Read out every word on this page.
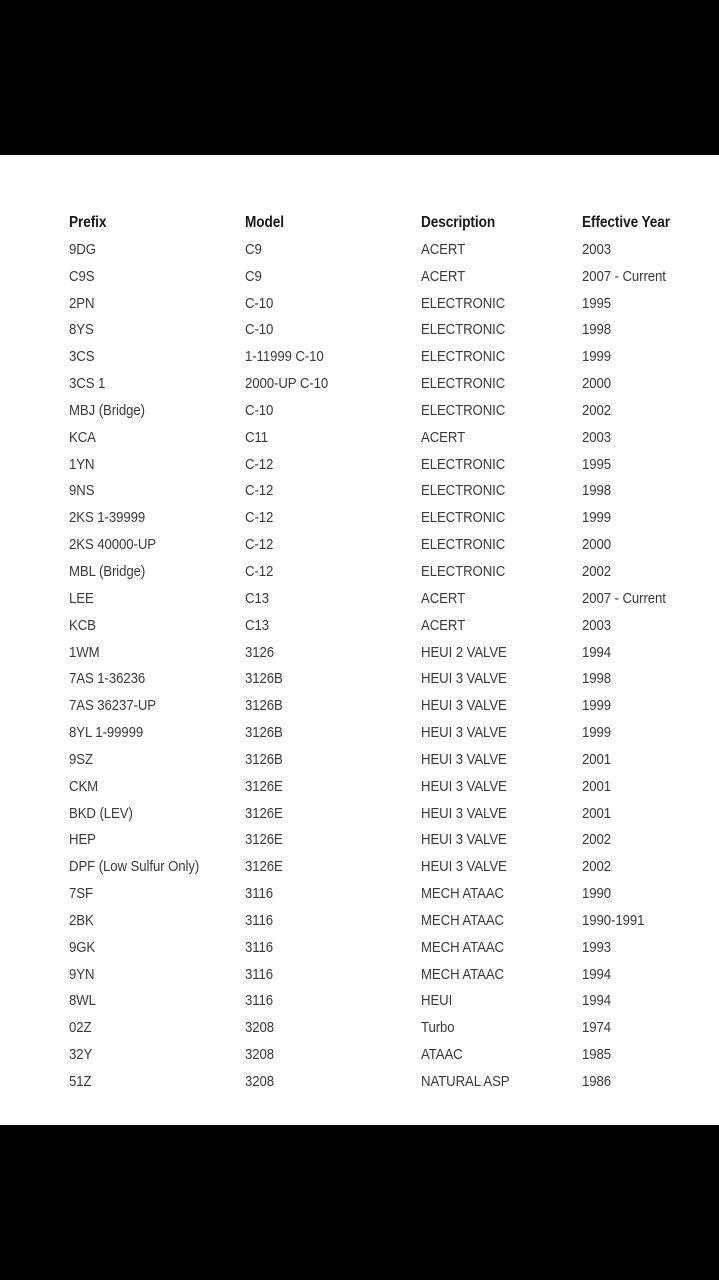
Prefix	Model	Description	Effective Year
9DG	C9	ACERT	2003
C9S	C9	ACERT	2007 - Current
2PN	C-10	ELECTRONIC	1995
8YS	C-10	ELECTRONIC	1998
3CS	1-11999 C-10	ELECTRONIC	1999
3CS 1	2000-UP C-10	ELECTRONIC	2000
MBJ (Bridge)	C-10	ELECTRONIC	2002
KCA	C11	ACERT	2003
1YN	C-12	ELECTRONIC	1995
9NS	C-12	ELECTRONIC	1998
2KS 1-39999	C-12	ELECTRONIC	1999
2KS 40000-UP	C-12	ELECTRONIC	2000
MBL (Bridge)	C-12	ELECTRONIC	2002
LEE	C13	ACERT	2007 - Current
KCB	C13	ACERT	2003
1WM	3126	HEUI 2 VALVE	1994
7AS 1-36236	3126B	HEUI 3 VALVE	1998
7AS 36237-UP	3126B	HEUI 3 VALVE	1999
8YL 1-99999	3126B	HEUI 3 VALVE	1999
9SZ	3126B	HEUI 3 VALVE	2001
CKM	3126E	HEUI 3 VALVE	2001
BKD (LEV)	3126E	HEUI 3 VALVE	2001
HEP	3126E	HEUI 3 VALVE	2002
DPF (Low Sulfur Only)	3126E	HEUI 3 VALVE	2002
7SF	3116	MECH ATAAC	1990
2BK	3116	MECH ATAAC	1990-1991
9GK	3116	MECH ATAAC	1993
9YN	3116	MECH ATAAC	1994
8WL	3116	HEUI	1994
02Z	3208	Turbo	1974
32Y	3208	ATAAC	1985
51Z	3208	NATURAL ASP	1986
